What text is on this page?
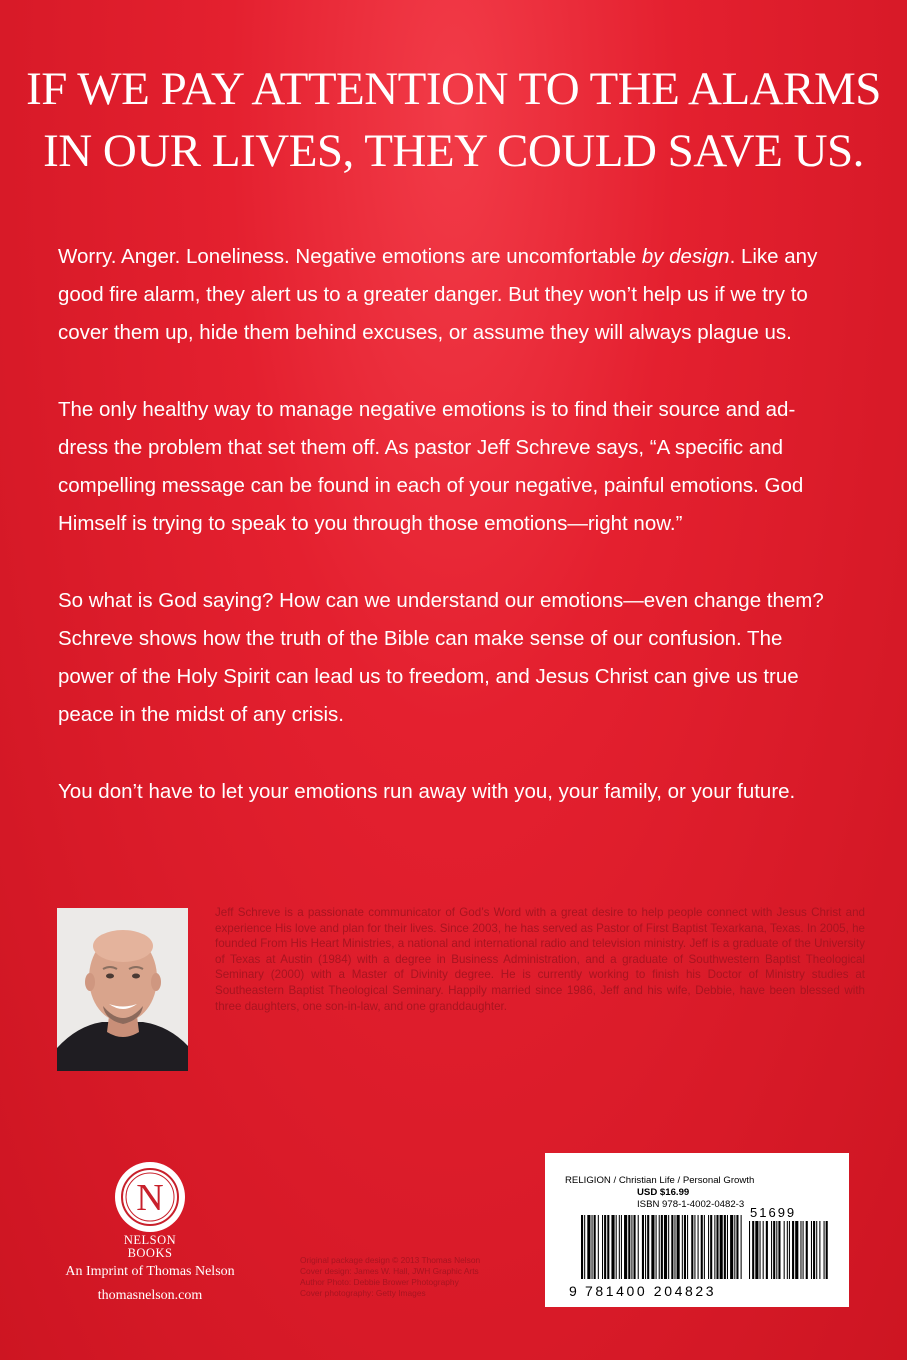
IF WE PAY ATTENTION TO THE ALARMS
IN OUR LIVES, THEY COULD SAVE US.

Worry. Anger. Loneliness. Negative emotions are uncomfortable by design. Like any
good fire alarm, they alert us to a greater danger. But they won’t help us if we try to
cover them up, hide them behind excuses, or assume they will always plague us.

The only healthy way to manage negative emotions is to find their source and ad-
dress the problem that set them off. As pastor Jeff Schreve says, “A specific and
compelling message can be found in each of your negative, painful emotions. God
Himself is trying to speak to you through those emotions—right now.”

So what is God saying? How can we understand our emotions—even change them?
Schreve shows how the truth of the Bible can make sense of our confusion. The
power of the Holy Spirit can lead us to freedom, and Jesus Christ can give us true
peace in the midst of any crisis.

You don’t have to let your emotions run away with you, your family, or your future.

Jeff Schreve is a passionate communicator of God’s Word with a great desire to help people connect with Jesus Christ and experience His love and plan for their lives. Since 2003, he has served as Pastor of First Baptist Texarkana, Texas. In 2005, he founded From His Heart Ministries, a national and international radio and television ministry. Jeff is a graduate of the University of Texas at Austin (1984) with a degree in Business Administration, and a graduate of Southwestern Baptist Theological Seminary (2000) with a Master of Divinity degree. He is currently working to finish his Doctor of Ministry studies at Southeastern Baptist Theological Seminary. Happily married since 1986, Jeff and his wife, Debbie, have been blessed with three daughters, one son-in-law, and one granddaughter.
N
NELSON
BOOKS
An Imprint of Thomas Nelson
thomasnelson.com
Original package design © 2013 Thomas Nelson
Cover design: James W. Hall, JWH Graphic Arts
Author Photo: Debbie Brower Photography
Cover photography: Getty Images
RELIGION / Christian Life / Personal Growth
USD $16.99
ISBN 978-1-4002-0482-3
51699
9 781400 204823
